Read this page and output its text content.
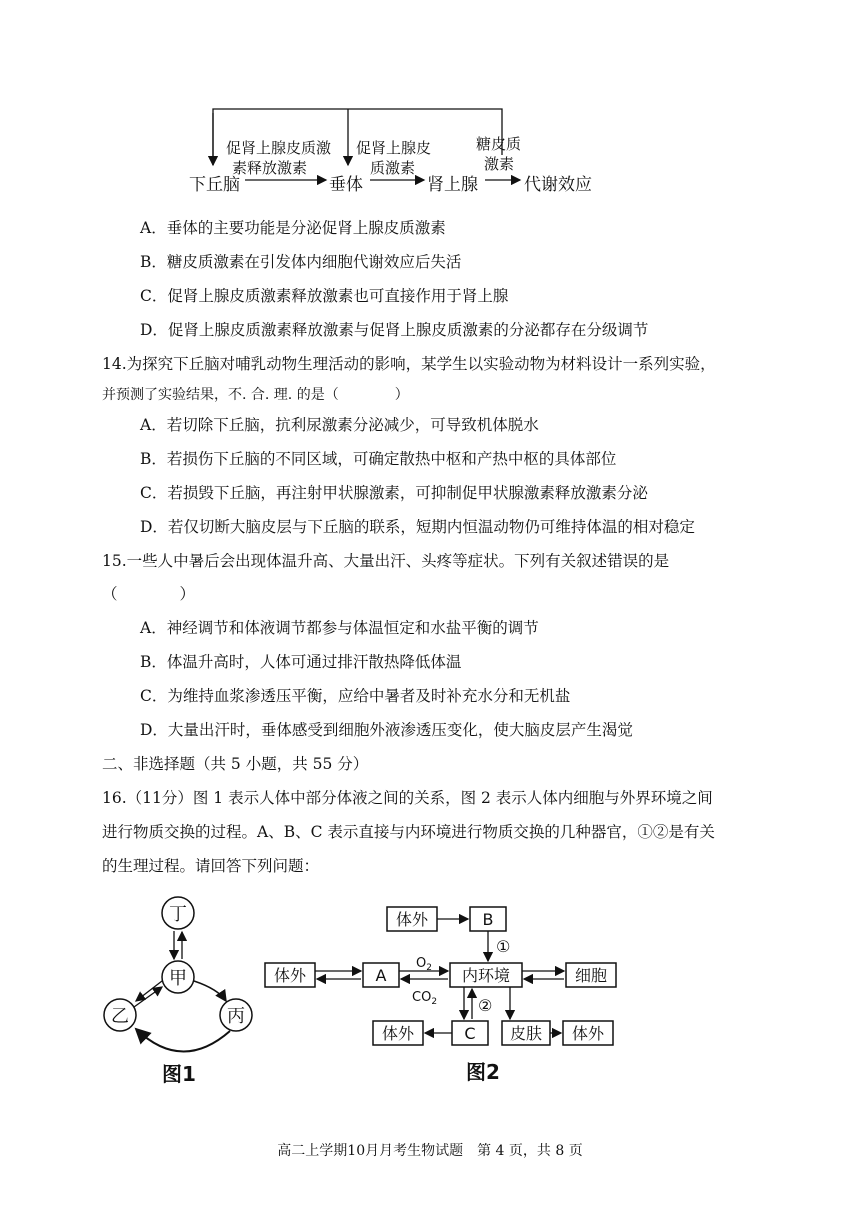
下丘脑	垂体	肾上腺	代谢效应
促肾上腺皮质激
素释放激素
促肾上腺皮
质激素
糖皮质
激素
A．垂体的主要功能是分泌促肾上腺皮质激素
B．糖皮质激素在引发体内细胞代谢效应后失活
C．促肾上腺皮质激素释放激素也可直接作用于肾上腺
D．促肾上腺皮质激素释放激素与促肾上腺皮质激素的分泌都存在分级调节
14.为探究下丘脑对哺乳动物生理活动的影响，某学生以实验动物为材料设计一系列实验，
并预测了实验结果，不. 合. 理. 的是（　　　　）
A．若切除下丘脑，抗利尿激素分泌减少，可导致机体脱水
B．若损伤下丘脑的不同区域，可确定散热中枢和产热中枢的具体部位
C．若损毁下丘脑，再注射甲状腺激素，可抑制促甲状腺激素释放激素分泌
D．若仅切断大脑皮层与下丘脑的联系，短期内恒温动物仍可维持体温的相对稳定
15.一些人中暑后会出现体温升高、大量出汗、头疼等症状。下列有关叙述错误的是
（　　　　）
A．神经调节和体液调节都参与体温恒定和水盐平衡的调节
B．体温升高时，人体可通过排汗散热降低体温
C．为维持血浆渗透压平衡，应给中暑者及时补充水分和无机盐
D．大量出汗时，垂体感受到细胞外液渗透压变化，使大脑皮层产生渴觉
二、非选择题（共 5 小题，共 55 分）
16.（11分）图 1 表示人体中部分体液之间的关系，图 2 表示人体内细胞与外界环境之间
进行物质交换的过程。A、B、C 表示直接与内环境进行物质交换的几种器官，①②是有关
的生理过程。请回答下列问题：
丁
甲
乙	丙
图1
体外	B
体外	A	内环境	细胞
体外	C 皮肤 体外
$O_2$
$CO_2$
①
②
图2
高二上学期10月月考生物试题　第 4 页，共 8 页
